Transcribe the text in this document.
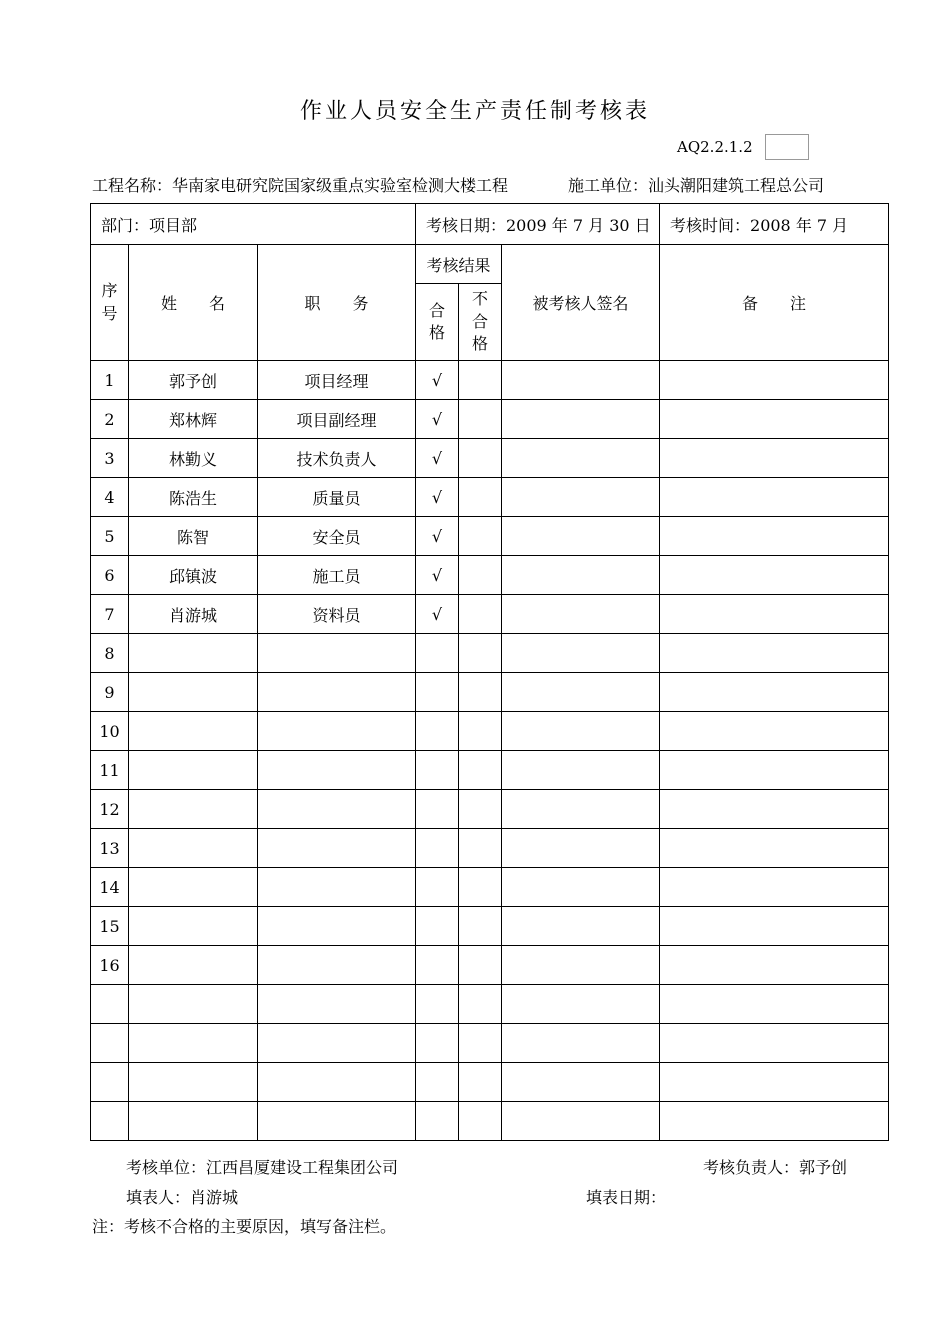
作业人员安全生产责任制考核表
AQ2.2.1.2
工程名称：华南家电研究院国家级重点实验室检测大楼工程	施工单位：汕头潮阳建筑工程总公司
部门：项目部			考核日期：2009 年 7 月 30 日			考核时间：2008 年 7 月
序号	姓　　名	职　　务	考核结果		被考核人签名	备　　注
			合格	不合格		
1	郭予创	项目经理	√			
2	郑林辉	项目副经理	√			
3	林勤义	技术负责人	√			
4	陈浩生	质量员	√			
5	陈智	安全员	√			
6	邱镇波	施工员	√			
7	肖游城	资料员	√			
8						
9						
10						
11						
12						
13						
14						
15						
16						

考核单位：江西昌厦建设工程集团公司	考核负责人：郭予创
填表人：肖游城	填表日期：
注：考核不合格的主要原因，填写备注栏。
